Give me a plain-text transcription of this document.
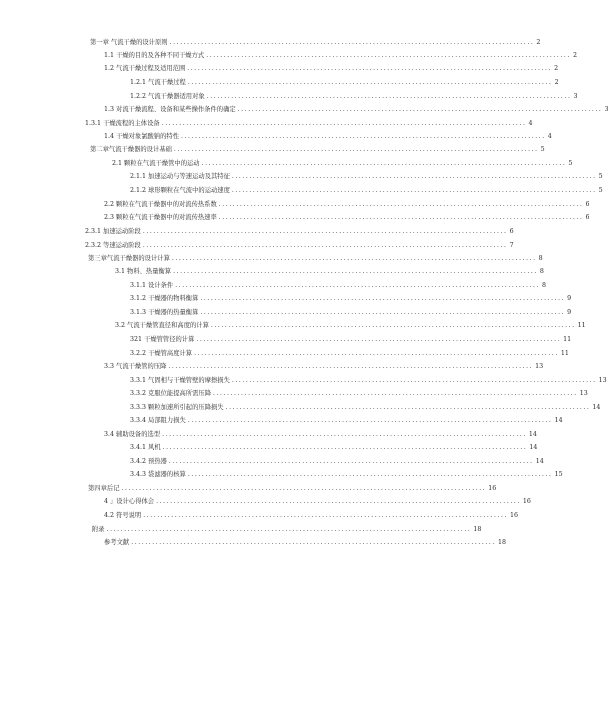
第一章 气流干燥的设计原则 ........................................................................................................ 2
1.1 干燥的目的及各种不同干燥方式 ........................................................................................................ 2
1.2 气流干燥过程及适用范围 ........................................................................................................ 2
1.2.1 气流干燥过程 ........................................................................................................ 2
1.2.2 气流干燥器适用对象 ........................................................................................................ 3
1.3 对流干燥流程、设备和某些操作条件的确定 ........................................................................................................ 3
1.3.1 干燥流程的主体设备 ........................................................................................................ 4
1.4 干燥对象氯酸钠的特性 ........................................................................................................ 4
第二章气流干燥器的设计基础 ........................................................................................................ 5
2.1 颗粒在气流干燥管中的运动 ........................................................................................................ 5
2.1.1 加速运动与等速运动及其特征 ........................................................................................................ 5
2.1.2 球形颗粒在气流中的运动速度 ........................................................................................................ 5
2.2 颗粒在气流干燥器中的对流传热系数 ........................................................................................................ 6
2.3 颗粒在气流干燥器中的对流传热速率 ........................................................................................................ 6
2.3.1 加速运动阶段 ........................................................................................................ 6
2.3.2 等速运动阶段 ........................................................................................................ 7
第三章气流干燥器的设计计算 ........................................................................................................ 8
3.1 物料、热量衡算 ........................................................................................................ 8
3.1.1 设计条件 ........................................................................................................ 8
3.1.2 干燥器的物料衡算 ........................................................................................................ 9
3.1.3 干燥器的热量衡算 ........................................................................................................ 9
3.2 气流干燥管直径和高度的计算 ........................................................................................................ 11
321 干燥管管径的计算 ........................................................................................................ 11
3.2.2 干燥管高度计算 ........................................................................................................ 11
3.3 气流干燥管的压降 ........................................................................................................ 13
3.3.1 气固相与干燥管壁的摩擦损失 ........................................................................................................ 13
3.3.2 克服位能提高所需压降 ........................................................................................................ 13
3.3.3 颗粒加速所引起的压降损失 ........................................................................................................ 14
3.3.4 局部阻力损失 ........................................................................................................ 14
3.4 辅助设备的选型 ........................................................................................................ 14
3.4.1 风机 ........................................................................................................ 14
3.4.2 预热器 ........................................................................................................ 14
3.4.3 袋滤器的核算 ........................................................................................................ 15
第四章后记 ........................................................................................................ 16
4 」设计心得体会 ........................................................................................................ 16
4.2 符号说明 ........................................................................................................ 16
附录 ........................................................................................................ 18
参考文献 ........................................................................................................ 18
